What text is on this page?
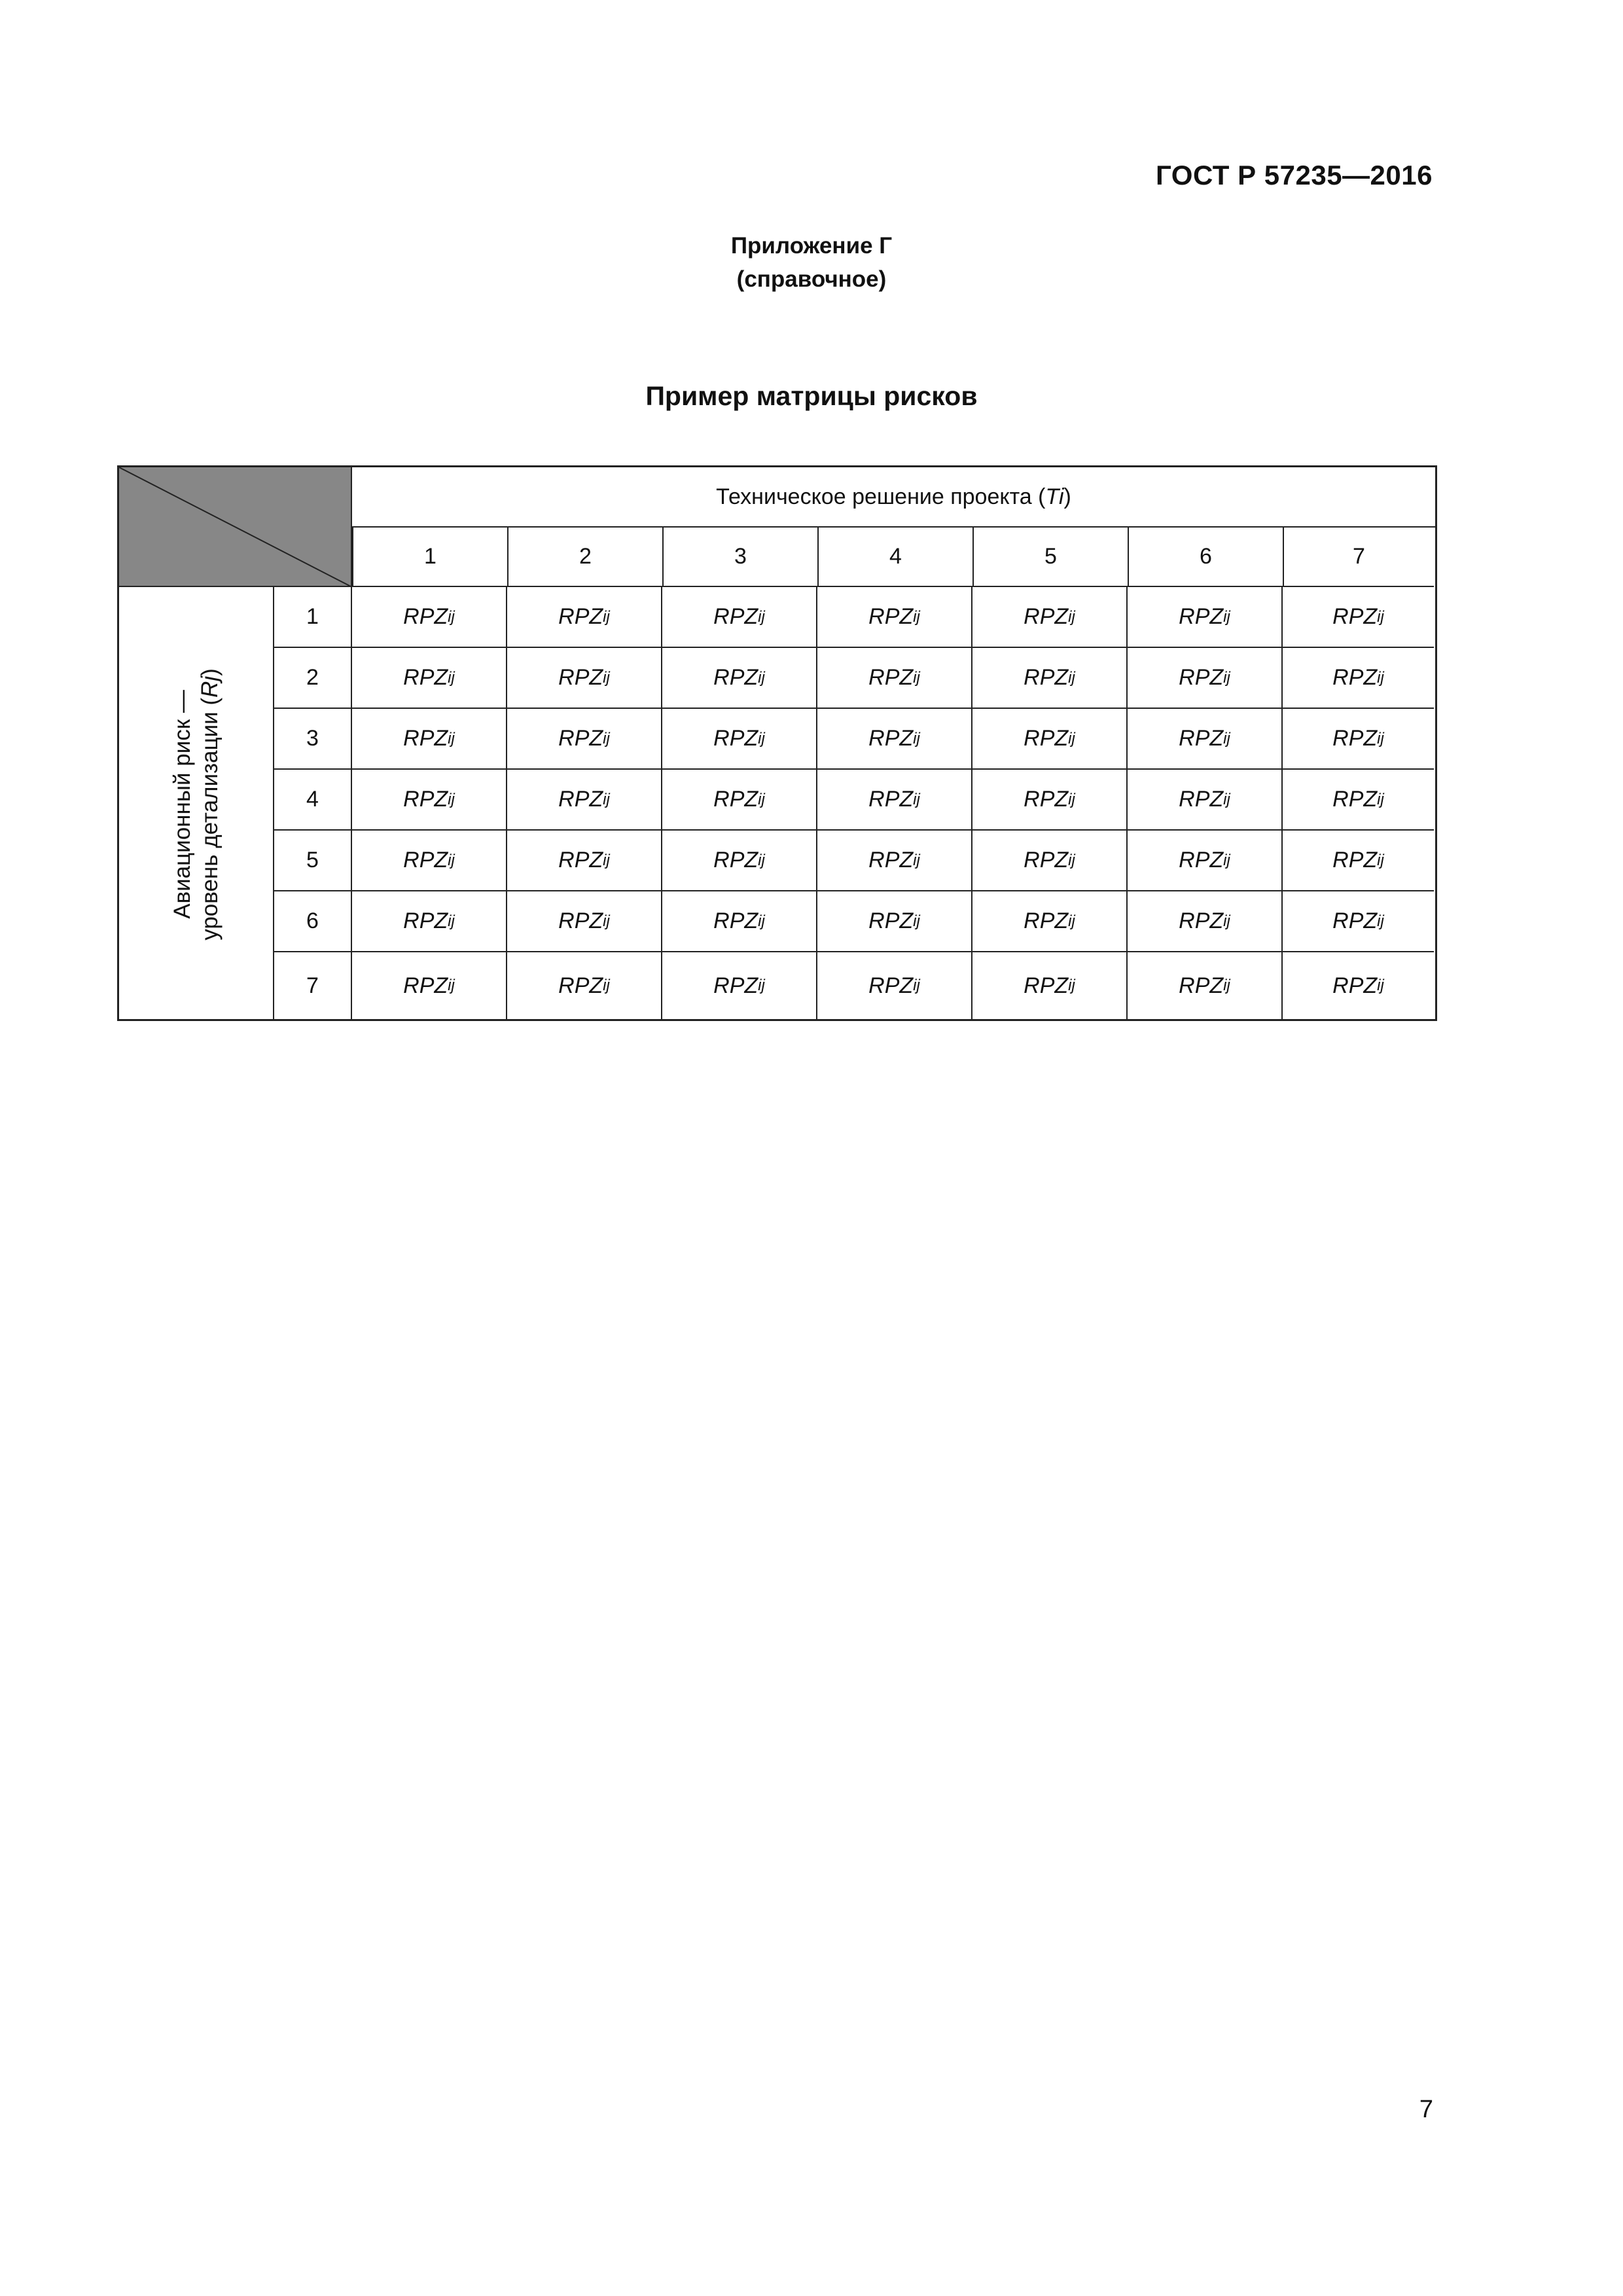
ГОСТ Р 57235—2016
Приложение Г
(справочное)
Пример матрицы рисков
Техническое решение проекта ( Ti )
Авиационный риск — уровень детализации (Rj)
1	2	3	4	5	6	7
1	RPZ ij	RPZ ij	RPZ ij	RPZ ij	RPZ ij	RPZ ij	RPZ ij
2	RPZ ij	RPZ ij	RPZ ij	RPZ ij	RPZ ij	RPZ ij	RPZ ij
3	RPZ ij	RPZ ij	RPZ ij	RPZ ij	RPZ ij	RPZ ij	RPZ ij
4	RPZ ij	RPZ ij	RPZ ij	RPZ ij	RPZ ij	RPZ ij	RPZ ij
5	RPZ ij	RPZ ij	RPZ ij	RPZ ij	RPZ ij	RPZ ij	RPZ ij
6	RPZ ij	RPZ ij	RPZ ij	RPZ ij	RPZ ij	RPZ ij	RPZ ij
7	RPZ ij	RPZ ij	RPZ ij	RPZ ij	RPZ ij	RPZ ij	RPZ ij
7
